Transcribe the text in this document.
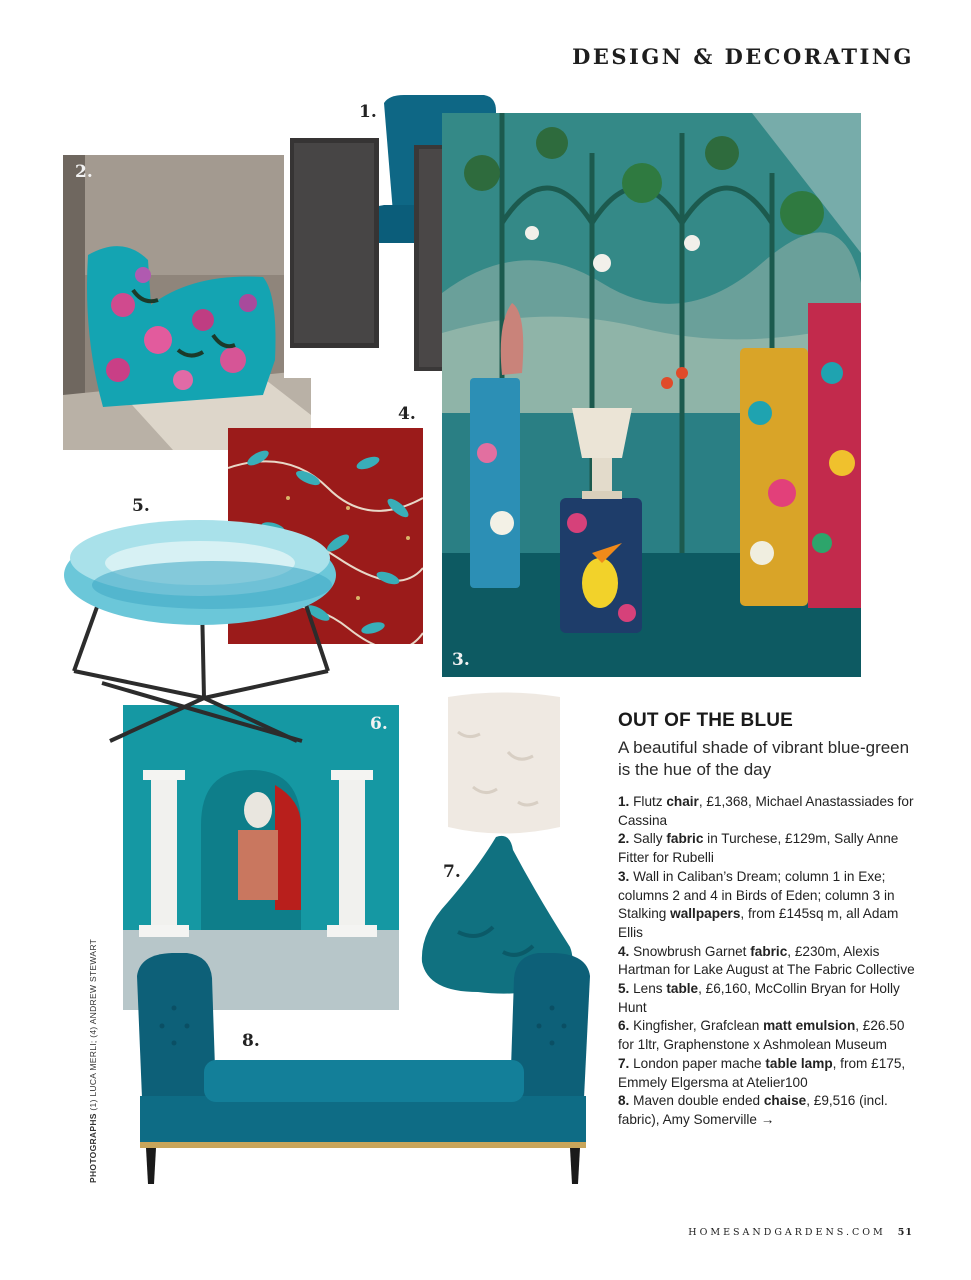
DESIGN & DECORATING
2.
1.
3.
4.
6.
5.
7.
8.
OUT OF THE BLUE
A beautiful shade of vibrant blue-green is the hue of the day
1. Flutz chair, £1,368, Michael Anastassiades for Cassina
2. Sally fabric in Turchese, £129m, Sally Anne Fitter for Rubelli
3. Wall in Caliban’s Dream; column 1 in Exe; columns 2 and 4 in Birds of Eden; column 3 in Stalking wallpapers, from £145sq m, all Adam Ellis
4. Snowbrush Garnet fabric, £230m, Alexis Hartman for Lake August at The Fabric Collective
5. Lens table, £6,160, McCollin Bryan for Holly Hunt
6. Kingfisher, Grafclean matt emulsion, £26.50 for 1ltr, Graphenstone x Ashmolean Museum
7. London paper mache table lamp, from £175, Emmely Elgersma at Atelier100
8. Maven double ended chaise, £9,516 (incl. fabric), Amy Somerville →
PHOTOGRAPHS (1) LUCA MERLI; (4) ANDREW STEWART
HOMESANDGARDENS.COM 51
